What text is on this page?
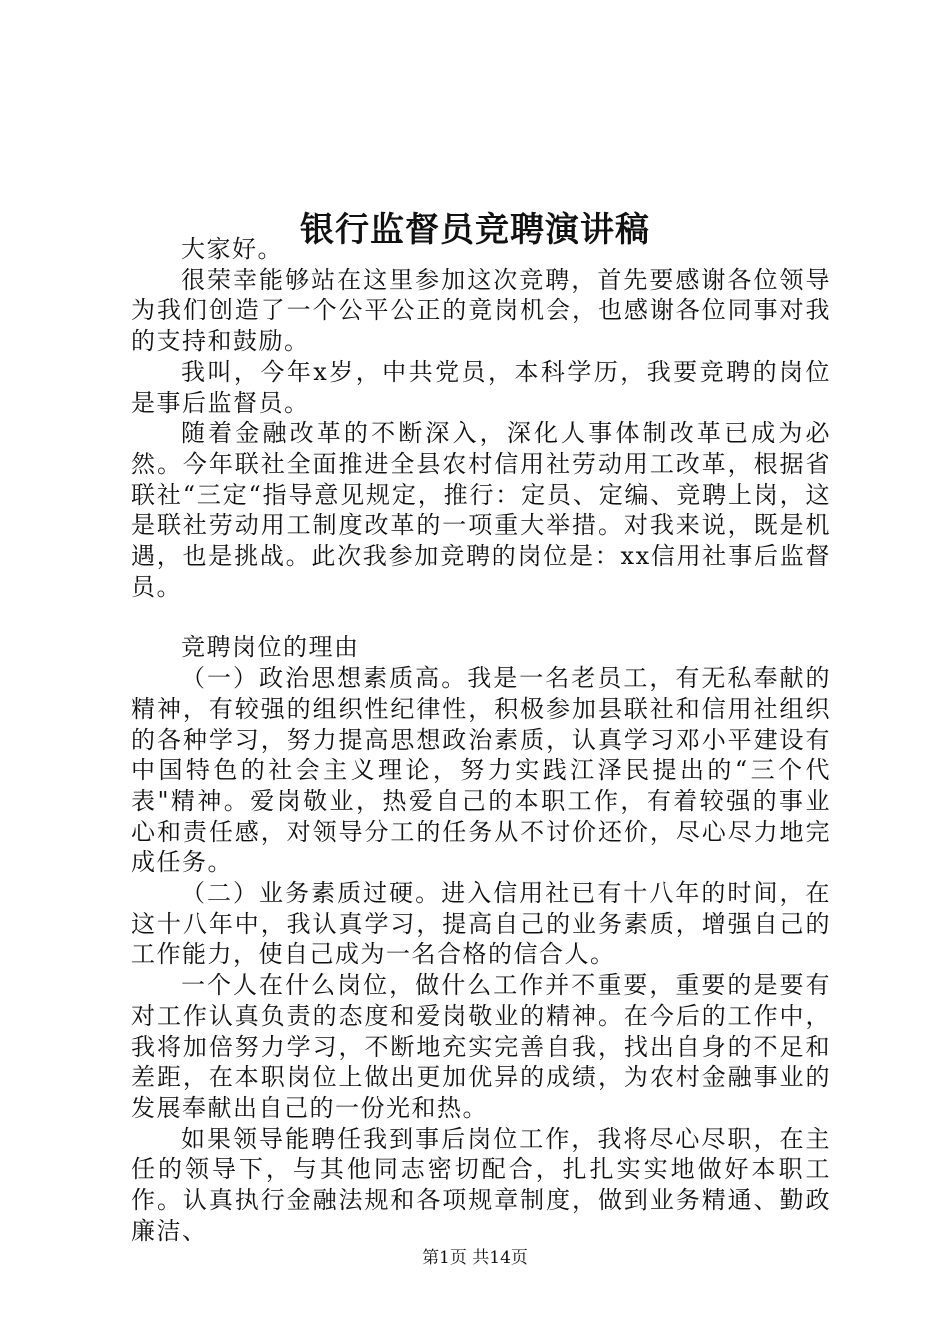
银行监督员竞聘演讲稿

大家好。

很荣幸能够站在这里参加这次竞聘，首先要感谢各位领导为我们创造了一个公平公正的竟岗机会，也感谢各位同事对我的支持和鼓励。

我叫，今年x岁，中共党员，本科学历，我要竞聘的岗位是事后监督员。

随着金融改革的不断深入，深化人事体制改革已成为必然。今年联社全面推进全县农村信用社劳动用工改革，根据省联社“三定“指导意见规定，推行：定员、定编、竞聘上岗，这是联社劳动用工制度改革的一项重大举措。对我来说，既是机遇，也是挑战。此次我参加竞聘的岗位是：xx信用社事后监督员。

竞聘岗位的理由

（一）政治思想素质高。我是一名老员工，有无私奉献的精神，有较强的组织性纪律性，积极参加县联社和信用社组织的各种学习，努力提高思想政治素质，认真学习邓小平建设有中国特色的社会主义理论，努力实践江泽民提出的“三个代表"精神。爱岗敬业，热爱自己的本职工作，有着较强的事业心和责任感，对领导分工的任务从不讨价还价，尽心尽力地完成任务。

（二）业务素质过硬。进入信用社已有十八年的时间，在这十八年中，我认真学习，提高自己的业务素质，增强自己的工作能力，使自己成为一名合格的信合人。

一个人在什么岗位，做什么工作并不重要，重要的是要有对工作认真负责的态度和爱岗敬业的精神。在今后的工作中，我将加倍努力学习，不断地充实完善自我，找出自身的不足和差距，在本职岗位上做出更加优异的成绩，为农村金融事业的发展奉献出自己的一份光和热。

如果领导能聘任我到事后岗位工作，我将尽心尽职，在主任的领导下，与其他同志密切配合，扎扎实实地做好本职工作。认真执行金融法规和各项规章制度，做到业务精通、勤政廉洁、

第1页 共14页
